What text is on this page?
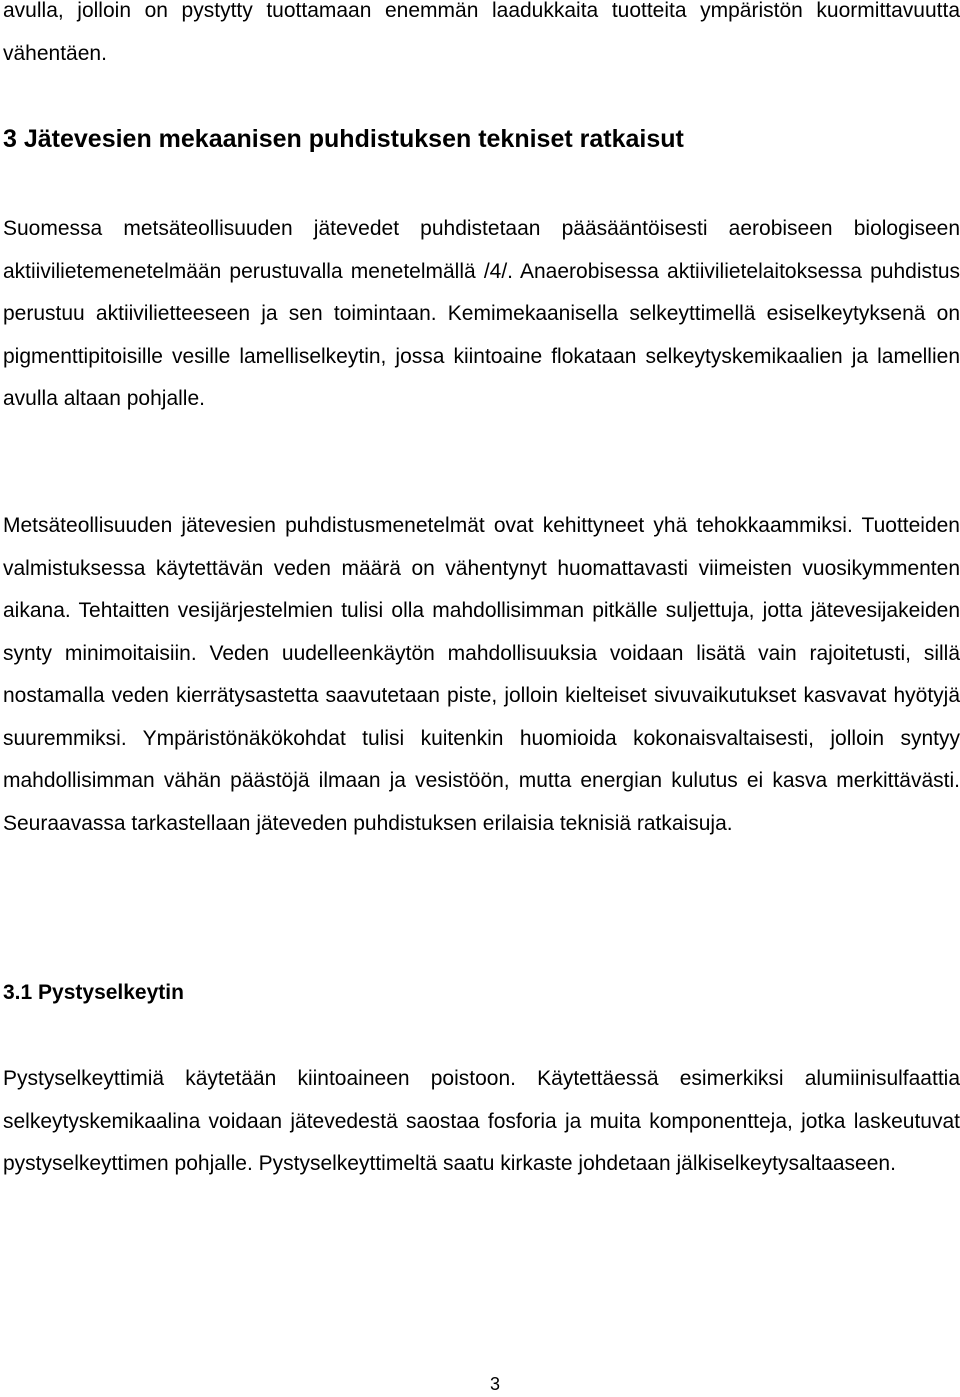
avulla, jolloin on pystytty tuottamaan enemmän laadukkaita tuotteita ympäristön kuormittavuutta vähentäen.

3 Jätevesien mekaanisen puhdistuksen tekniset ratkaisut

Suomessa metsäteollisuuden jätevedet puhdistetaan pääsääntöisesti aerobiseen biologiseen aktiivilietemenetelmään perustuvalla menetelmällä /4/. Anaerobisessa aktiivilietelaitoksessa puhdistus perustuu aktiivilietteeseen ja sen toimintaan. Kemimekaanisella selkeyttimellä esiselkeytyksenä on pigmenttipitoisille vesille lamelliselkeytin, jossa kiintoaine flokataan selkeytyskemikaalien ja lamellien avulla altaan pohjalle.

Metsäteollisuuden jätevesien puhdistusmenetelmät ovat kehittyneet yhä tehokkaammiksi. Tuotteiden valmistuksessa käytettävän veden määrä on vähentynyt huomattavasti viimeisten vuosikymmenten aikana. Tehtaitten vesijärjestelmien tulisi olla mahdollisimman pitkälle suljettuja, jotta jätevesijakeiden synty minimoitaisiin. Veden uudelleenkäytön mahdollisuuksia voidaan lisätä vain rajoitetusti, sillä nostamalla veden kierrätysastetta saavutetaan piste, jolloin kielteiset sivuvaikutukset kasvavat hyötyjä suuremmiksi. Ympäristönäkökohdat tulisi kuitenkin huomioida kokonaisvaltaisesti, jolloin syntyy mahdollisimman vähän päästöjä ilmaan ja vesistöön, mutta energian kulutus ei kasva merkittävästi. Seuraavassa tarkastellaan jäteveden puhdistuksen erilaisia teknisiä ratkaisuja.

3.1 Pystyselkeytin

Pystyselkeyttimiä käytetään kiintoaineen poistoon. Käytettäessä esimerkiksi alumiinisulfaattia selkeytyskemikaalina voidaan jätevedestä saostaa fosforia ja muita komponentteja, jotka laskeutuvat pystyselkeyttimen pohjalle. Pystyselkeyttimeltä saatu kirkaste johdetaan jälkiselkeytysaltaaseen.

3
